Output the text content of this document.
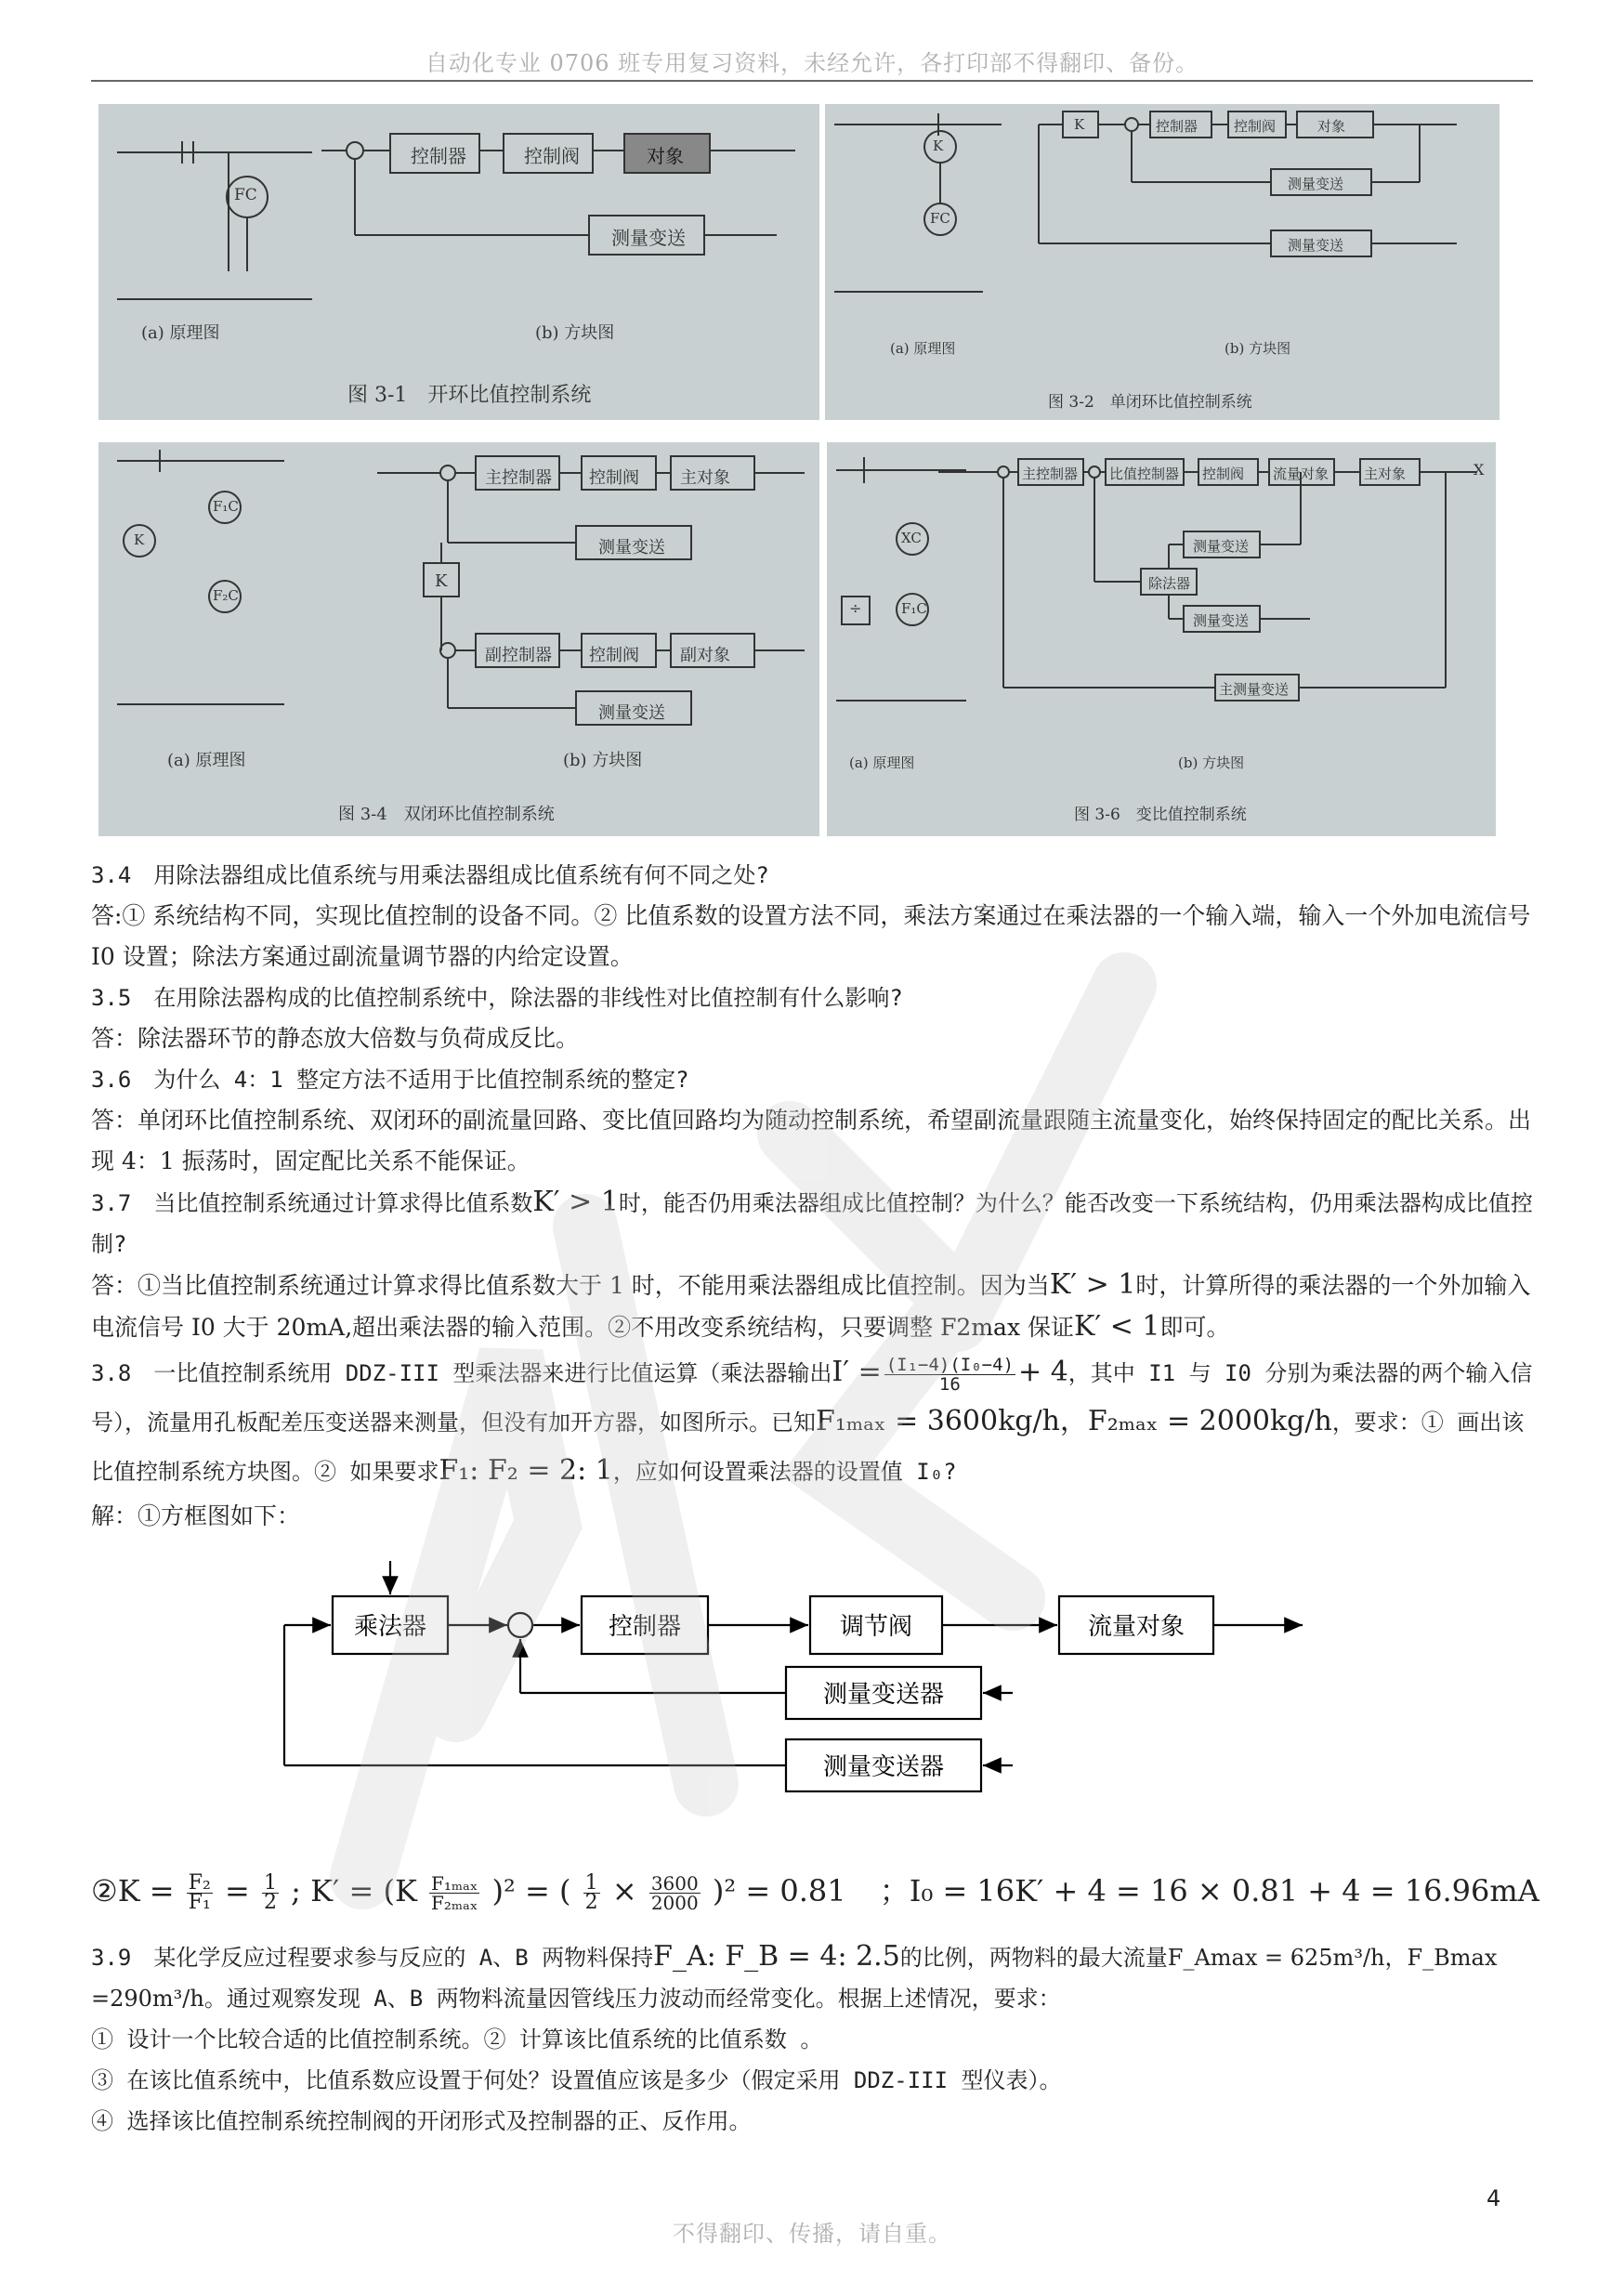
自动化专业 0706 班专用复习资料，未经允许，各打印部不得翻印、备份。
FC
控制器	控制阀	对象
测量变送
(a) 原理图	(b) 方块图
图 3-1　开环比值控制系统
K
FC
K	控制器	控制阀	对象
测量变送
测量变送
(a) 原理图	(b) 方块图
图 3-2　单闭环比值控制系统
F₁C
K
F₂C
主控制器 控制阀 主对象
测量变送
K
副控制器 控制阀 副对象
测量变送
(a) 原理图	(b) 方块图
图 3-4　双闭环比值控制系统
XC
F₁C
÷
X
主控制器 比值控制器 控制阀 流量对象	主对象
测量变送
除法器
测量变送
主测量变送
(a) 原理图	(b) 方块图
图 3-6　变比值控制系统

3.4　用除法器组成比值系统与用乘法器组成比值系统有何不同之处?

答:① 系统结构不同，实现比值控制的设备不同。② 比值系数的设置方法不同，乘法方案通过在乘法器的一个输入端，输入一个外加电流信号 I0 设置；除法方案通过副流量调节器的内给定设置。

3.5　在用除法器构成的比值控制系统中，除法器的非线性对比值控制有什么影响?

答：除法器环节的静态放大倍数与负荷成反比。

3.6　为什么 4：1 整定方法不适用于比值控制系统的整定?

答：单闭环比值控制系统、双闭环的副流量回路、变比值回路均为随动控制系统，希望副流量跟随主流量变化，始终保持固定的配比关系。出现 4：1 振荡时，固定配比关系不能保证。

3.7　当比值控制系统通过计算求得比值系数K′ > 1时，能否仍用乘法器组成比值控制？为什么？能否改变一下系统结构，仍用乘法器构成比值控制?

答：①当比值控制系统通过计算求得比值系数大于 1 时，不能用乘法器组成比值控制。因为当K′ > 1时，计算所得的乘法器的一个外加输入电流信号 I0 大于 20mA,超出乘法器的输入范围。②不用改变系统结构，只要调整 F2max 保证K′ < 1即可。

3.8　一比值控制系统用 DDZ-III 型乘法器来进行比值运算（乘法器输出$I' = \frac{\text{(I₁−4)(I₀−4)}}{16} + 4$，其中 I1 与 I0 分别为乘法器的两个输入信号），流量用孔板配差压变送器来测量，但没有加开方器，如图所示。已知F₁ₘₐₓ = 3600kg/h，F₂ₘₐₓ = 2000kg/h，要求：① 画出该比值控制系统方块图。② 如果要求F₁: F₂ = 2: 1，应如何设置乘法器的设置值 I₀?

解：①方框图如下：

乘法器	控制器	调节阀	流量对象
测量变送器
测量变送器
②K = $\frac{\text{F₂}}{\text{F₁}} = \frac{1}{2}$ ; $K' = (K \frac{\text{F₁ₘₐₓ}}{\text{F₂ₘₐₓ}} )^2$ = ( $\frac{1}{2} \times \frac{3600}{2000} )^2 = 0.81$ ；I₀ = 16K′ + 4 = 16 × 0.81 + 4 = 16.96mA

3.9　某化学反应过程要求参与反应的 A、B 两物料保持F_A: F_B = 4: 2.5的比例，两物料的最大流量F_Amax = 625m³/h，F_Bmax =290m³/h。通过观察发现 A、B 两物料流量因管线压力波动而经常变化。根据上述情况，要求：

① 设计一个比较合适的比值控制系统。② 计算该比值系统的比值系数 。

③ 在该比值系统中，比值系数应设置于何处？设置值应该是多少（假定采用 DDZ-III 型仪表）。

④ 选择该比值控制系统控制阀的开闭形式及控制器的正、反作用。

4
不得翻印、传播，请自重。
